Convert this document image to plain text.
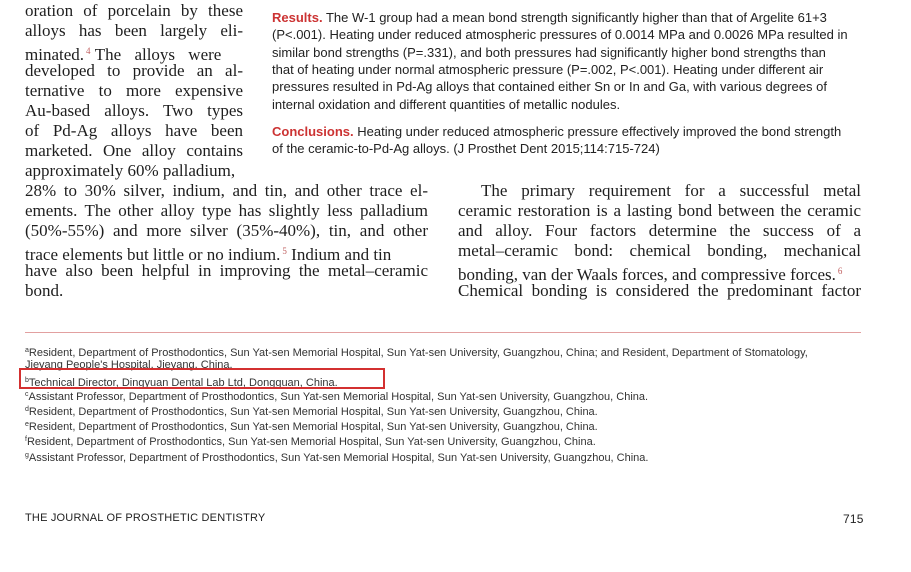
oration of porcelain by these
alloys has been largely eli-
minated. $^4$ The alloys were
developed to provide an al-
ternative to more expensive
Au-based alloys. Two types
of Pd-Ag alloys have been
marketed. One alloy contains
approximately 60% palladium,
28% to 30% silver, indium, and tin, and other trace el-
ements. The other alloy type has slightly less palladium
(50%-55%) and more silver (35%-40%), tin, and other
trace elements but little or no indium. $^5$ Indium and tin
have also been helpful in improving the metal–ceramic
bond.
Results. The W-1 group had a mean bond strength significantly higher than that of Argelite 61+3
(P<.001). Heating under reduced atmospheric pressures of 0.0014 MPa and 0.0026 MPa resulted in
similar bond strengths (P=.331), and both pressures had significantly higher bond strengths than
that of heating under normal atmospheric pressure (P=.002, P<.001). Heating under different air
pressures resulted in Pd-Ag alloys that contained either Sn or In and Ga, with various degrees of
internal oxidation and different quantities of metallic nodules.
Conclusions. Heating under reduced atmospheric pressure effectively improved the bond strength
of the ceramic-to-Pd-Ag alloys. (J Prosthet Dent 2015;114:715-724)
The primary requirement for a successful metal
ceramic restoration is a lasting bond between the ceramic
and alloy. Four factors determine the success of a
metal–ceramic bond: chemical bonding, mechanical
bonding, van der Waals forces, and compressive forces. $^6$
Chemical bonding is considered the predominant factor
$^a$Resident, Department of Prosthodontics, Sun Yat-sen Memorial Hospital, Sun Yat-sen University, Guangzhou, China; and Resident, Department of Stomatology,
Jieyang People's Hospital, Jieyang, China.
$^b$Technical Director, Dingyuan Dental Lab Ltd, Dongguan, China.
$^c$Assistant Professor, Department of Prosthodontics, Sun Yat-sen Memorial Hospital, Sun Yat-sen University, Guangzhou, China.
$^d$Resident, Department of Prosthodontics, Sun Yat-sen Memorial Hospital, Sun Yat-sen University, Guangzhou, China.
$^e$Resident, Department of Prosthodontics, Sun Yat-sen Memorial Hospital, Sun Yat-sen University, Guangzhou, China.
$^f$Resident, Department of Prosthodontics, Sun Yat-sen Memorial Hospital, Sun Yat-sen University, Guangzhou, China.
$^g$Assistant Professor, Department of Prosthodontics, Sun Yat-sen Memorial Hospital, Sun Yat-sen University, Guangzhou, China.
THE JOURNAL OF PROSTHETIC DENTISTRY	715
